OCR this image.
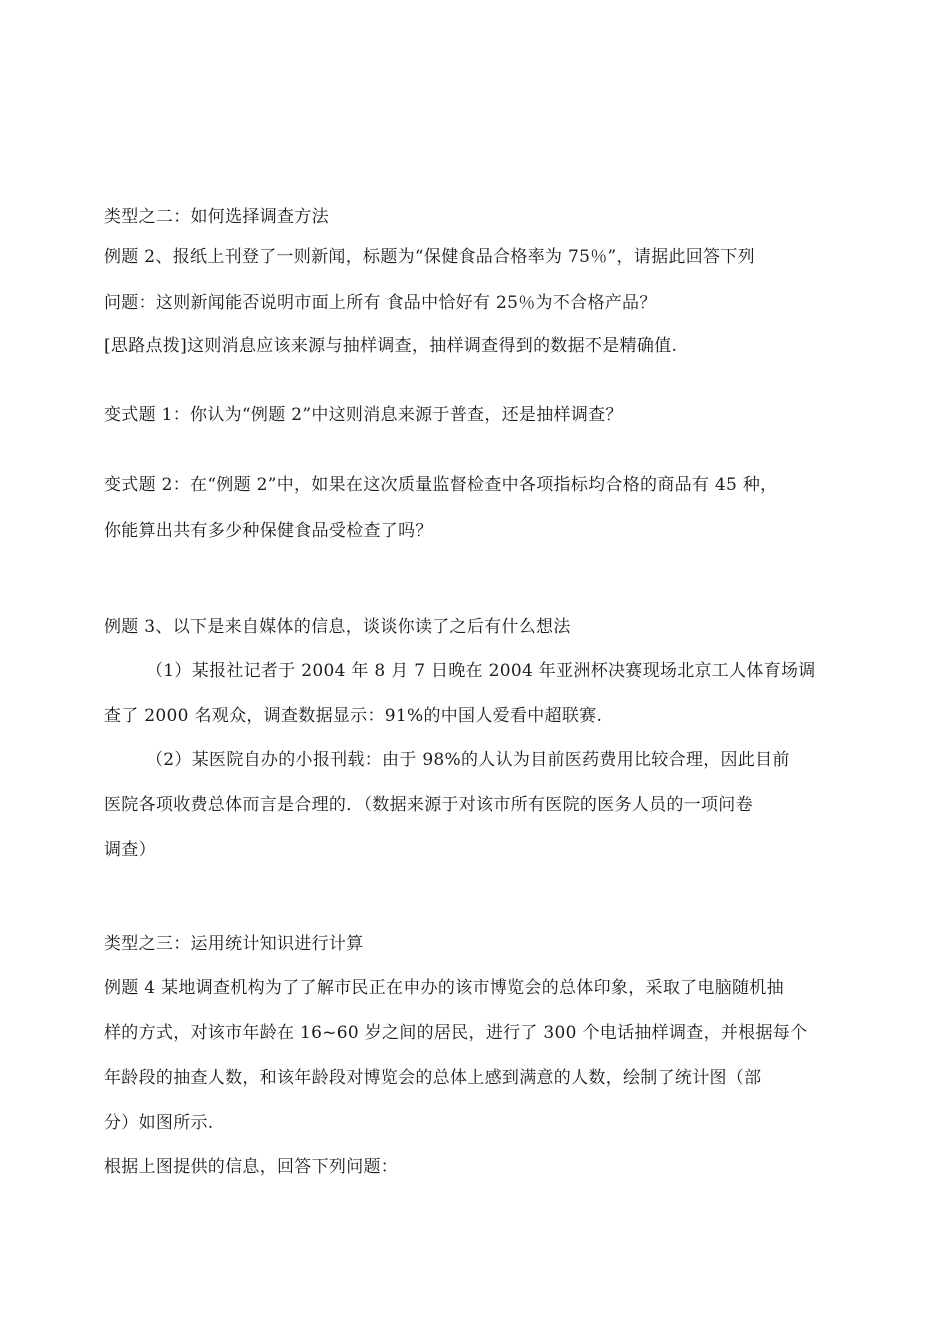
类型之二：如何选择调查方法
例题 2、报纸上刊登了一则新闻，标题为“保健食品合格率为 75％”，请据此回答下列
问题：这则新闻能否说明市面上所有 食品中恰好有 25％为不合格产品？
[思路点拨]这则消息应该来源与抽样调查，抽样调查得到的数据不是精确值.
变式题 1：你认为“例题 2”中这则消息来源于普查，还是抽样调查？
变式题 2：在“例题 2”中，如果在这次质量监督检查中各项指标均合格的商品有 45 种，
你能算出共有多少种保健食品受检查了吗？
例题 3、以下是来自媒体的信息，谈谈你读了之后有什么想法
（1）某报社记者于 2004 年 8 月 7 日晚在 2004 年亚洲杯决赛现场北京工人体育场调
查了 2000 名观众，调查数据显示：91%的中国人爱看中超联赛.
（2）某医院自办的小报刊载：由于 98%的人认为目前医药费用比较合理，因此目前
医院各项收费总体而言是合理的．（数据来源于对该市所有医院的医务人员的一项问卷
调查）
类型之三：运用统计知识进行计算
例题 4 某地调查机构为了了解市民正在申办的该市博览会的总体印象，采取了电脑随机抽
样的方式，对该市年龄在 16~60 岁之间的居民，进行了 300 个电话抽样调查，并根据每个
年龄段的抽查人数，和该年龄段对博览会的总体上感到满意的人数，绘制了统计图（部
分）如图所示.
根据上图提供的信息，回答下列问题：
